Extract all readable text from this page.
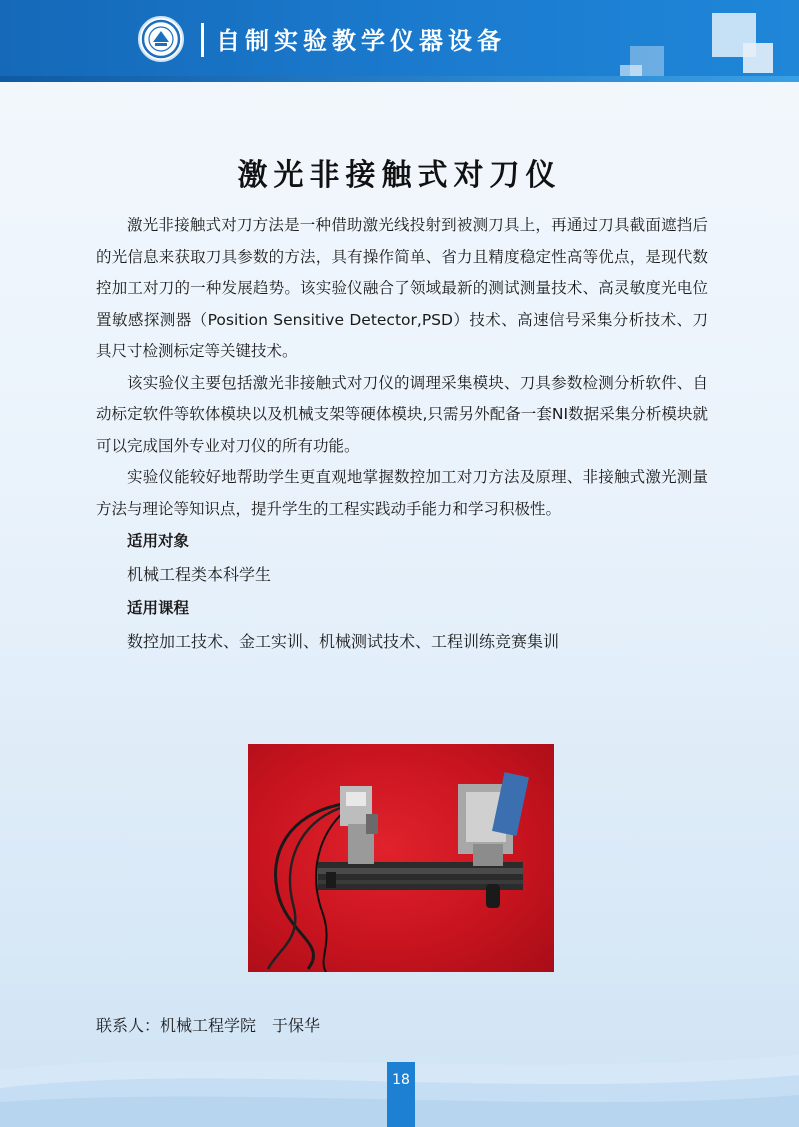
自制实验教学仪器设备
激光非接触式对刀仪

激光非接触式对刀方法是一种借助激光线投射到被测刀具上，再通过刀具截面遮挡后的光信息来获取刀具参数的方法，具有操作简单、省力且精度稳定性高等优点，是现代数控加工对刀的一种发展趋势。该实验仪融合了领域最新的测试测量技术、高灵敏度光电位置敏感探测器（Position Sensitive Detector,PSD）技术、高速信号采集分析技术、刀具尺寸检测标定等关键技术。

该实验仪主要包括激光非接触式对刀仪的调理采集模块、刀具参数检测分析软件、自动标定软件等软体模块以及机械支架等硬体模块,只需另外配备一套NI数据采集分析模块就可以完成国外专业对刀仪的所有功能。

实验仪能较好地帮助学生更直观地掌握数控加工对刀方法及原理、非接触式激光测量方法与理论等知识点，提升学生的工程实践动手能力和学习积极性。

适用对象
机械工程类本科学生
适用课程
数控加工技术、金工实训、机械测试技术、工程训练竞赛集训
联系人：机械工程学院　于保华
18
